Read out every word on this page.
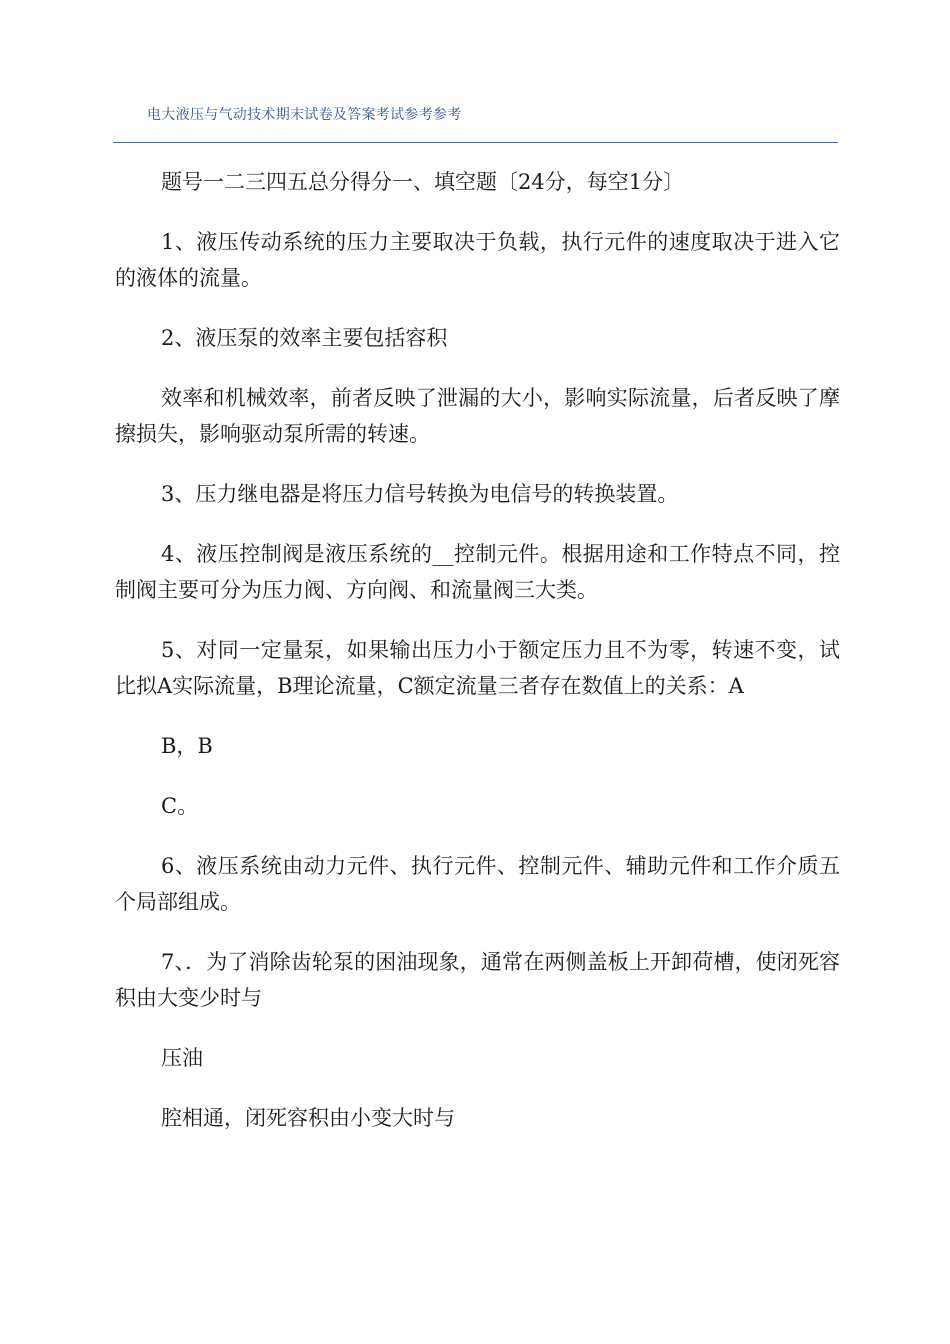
电大液压与气动技术期末试卷及答案考试参考参考

题号一二三四五总分得分一、填空题〔24分，每空1分〕

1、液压传动系统的压力主要取决于负载，执行元件的速度取决于进入它的液体的流量。

2、液压泵的效率主要包括容积

效率和机械效率，前者反映了泄漏的大小，影响实际流量，后者反映了摩擦损失，影响驱动泵所需的转速。

3、压力继电器是将压力信号转换为电信号的转换装置。

4、液压控制阀是液压系统的__控制元件。根据用途和工作特点不同，控制阀主要可分为压力阀、方向阀、和流量阀三大类。

5、对同一定量泵，如果输出压力小于额定压力且不为零，转速不变，试比拟A实际流量，B理论流量，C额定流量三者存在数值上的关系：A

B，B

C。

6、液压系统由动力元件、执行元件、控制元件、辅助元件和工作介质五个局部组成。

7、．为了消除齿轮泵的困油现象，通常在两侧盖板上开卸荷槽，使闭死容积由大变少时与

压油

腔相通，闭死容积由小变大时与
